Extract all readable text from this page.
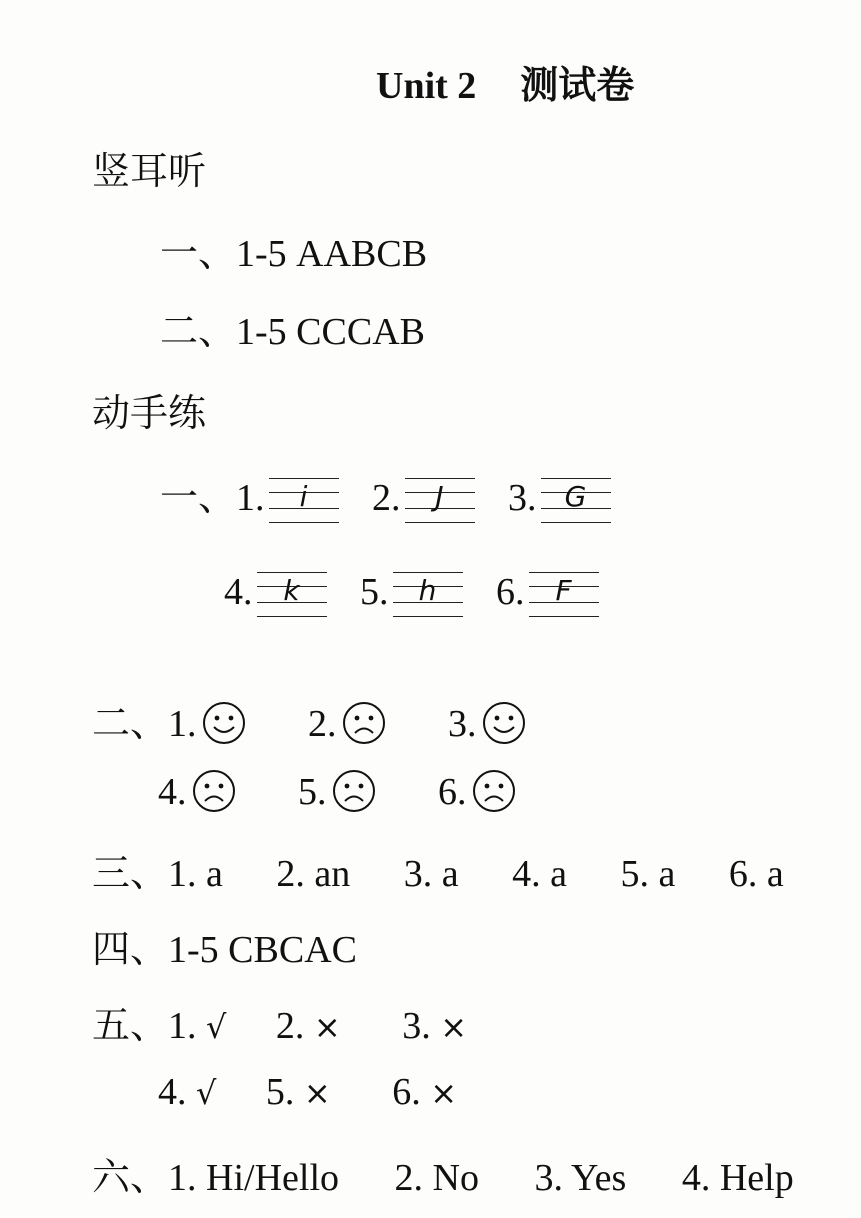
Unit 2 测试卷
竖耳听
一、1-5 AABCB
二、1-5 CCCAB
动手练
一、1.	i	2.	J	3.	G
4.	k	5.	h	6.	F
二、1.	2.	3.
4.	5.	6.
三、1. a 2. an 3. a 4. a 5. a 6. a
四、1-5 CBCAC
五、1. √ 2. × 3. ×
4. √ 5. × 6. ×
六、1. Hi/Hello 2. No 3. Yes 4. Help
